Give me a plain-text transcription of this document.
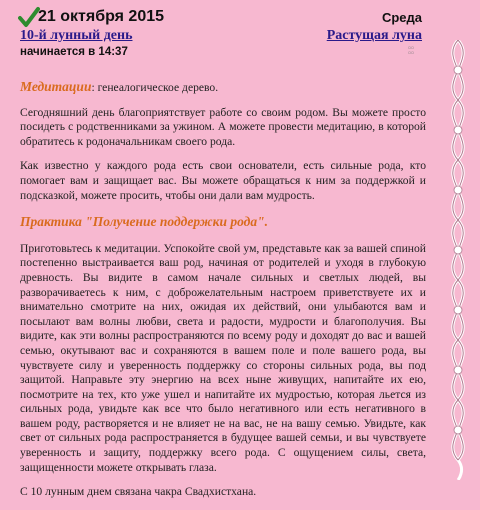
21 октября 2015	Среда
10-й лунный день	Растущая луна
начинается в 14:37	▫▫
▫▫

Медитации: генеалогическое дерево.

Сегодняшний день благоприятствует работе со своим родом. Вы можете просто посидеть с родственниками за ужином. А можете провести медитацию, в которой обратитесь к родоначальникам своего рода.

Как известно у каждого рода есть свои основатели, есть сильные рода, кто помогает вам и защищает вас. Вы можете обращаться к ним за поддержкой и подсказкой, можете просить, чтобы они дали вам мудрость.

Практика "Получение поддержки рода".

Приготовьтесь к медитации. Успокойте свой ум, представьте как за вашей спиной постепенно выстраивается ваш род, начиная от родителей и уходя в глубокую древность. Вы видите в самом начале сильных и светлых людей, вы разворачиваетесь к ним, с доброжелательным настроем приветствуете их и внимательно смотрите на них, ожидая их действий, они улыбаются вам и посылают вам волны любви, света и радости, мудрости и благополучия. Вы видите, как эти волны распространяются по всему роду и доходят до вас и вашей семью, окутывают вас и сохраняются в вашем поле и поле вашего рода, вы чувствуете силу и уверенность поддержку со стороны сильных рода, вы под защитой. Направьте эту энергию на всех ныне живущих, напитайте их ею, посмотрите на тех, кто уже ушел и напитайте их мудростью, которая льется из сильных рода, увидьте как все что было негативного или есть негативного в вашем роду, растворяется и не влияет не на вас, не на вашу семью. Увидьте, как свет от сильных рода распространяется в будущее вашей семьи, и вы чувствуете уверенность и защиту, поддержку всего рода. С ощущением силы, света, защищенности можете открывать глаза.

С 10 лунным днем связана чакра Свадхистхана.
